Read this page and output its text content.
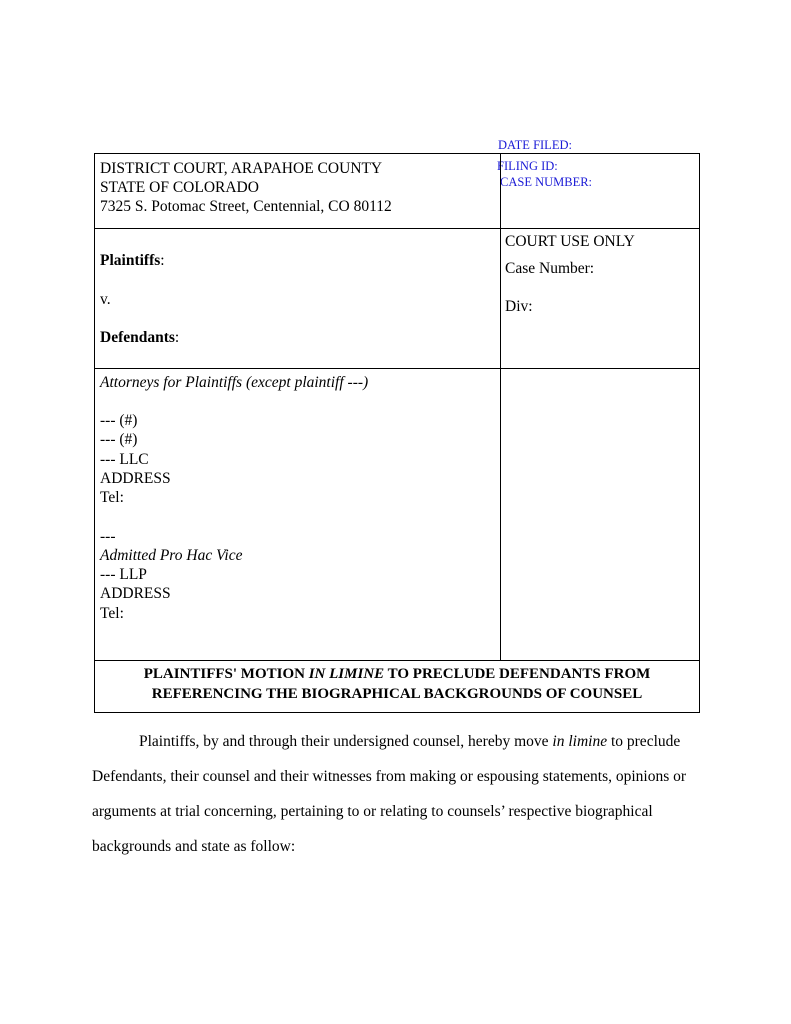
DATE FILED:
FILING ID:
CASE NUMBER:
DISTRICT COURT, ARAPAHOE COUNTY
STATE OF COLORADO
7325 S. Potomac Street, Centennial, CO 80112
Plaintiffs:
v.
Defendants:
COURT USE ONLY
Case Number:
Div:
Attorneys for Plaintiffs (except plaintiff ---)
--- (#)
--- (#)
--- LLC
ADDRESS
Tel:
---
Admitted Pro Hac Vice
--- LLP
ADDRESS
Tel:
PLAINTIFFS' MOTION IN LIMINE TO PRECLUDE DEFENDANTS FROM
REFERENCING THE BIOGRAPHICAL BACKGROUNDS OF COUNSEL
Plaintiffs, by and through their undersigned counsel, hereby move in limine to preclude
Defendants, their counsel and their witnesses from making or espousing statements, opinions or
arguments at trial concerning, pertaining to or relating to counsels’ respective biographical
backgrounds and state as follow:
